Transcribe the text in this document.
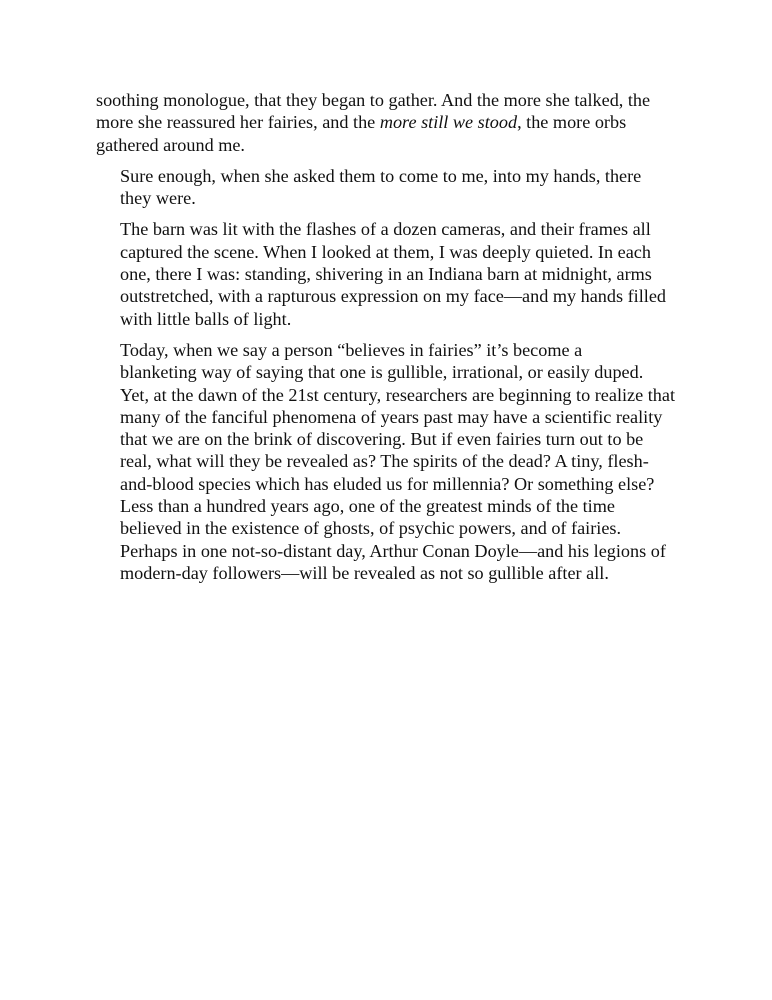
soothing monologue, that they began to gather. And the more she talked, the
more she reassured her fairies, and the more still we stood, the more orbs
gathered around me.

Sure enough, when she asked them to come to me, into my hands, there
they were.

The barn was lit with the flashes of a dozen cameras, and their frames all
captured the scene. When I looked at them, I was deeply quieted. In each
one, there I was: standing, shivering in an Indiana barn at midnight, arms
outstretched, with a rapturous expression on my face—and my hands filled
with little balls of light.

Today, when we say a person “believes in fairies” it’s become a
blanketing way of saying that one is gullible, irrational, or easily duped.
Yet, at the dawn of the 21st century, researchers are beginning to realize that
many of the fanciful phenomena of years past may have a scientific reality
that we are on the brink of discovering. But if even fairies turn out to be
real, what will they be revealed as? The spirits of the dead? A tiny, flesh-
and-blood species which has eluded us for millennia? Or something else?
Less than a hundred years ago, one of the greatest minds of the time
believed in the existence of ghosts, of psychic powers, and of fairies.
Perhaps in one not-so-distant day, Arthur Conan Doyle—and his legions of
modern-day followers—will be revealed as not so gullible after all.
